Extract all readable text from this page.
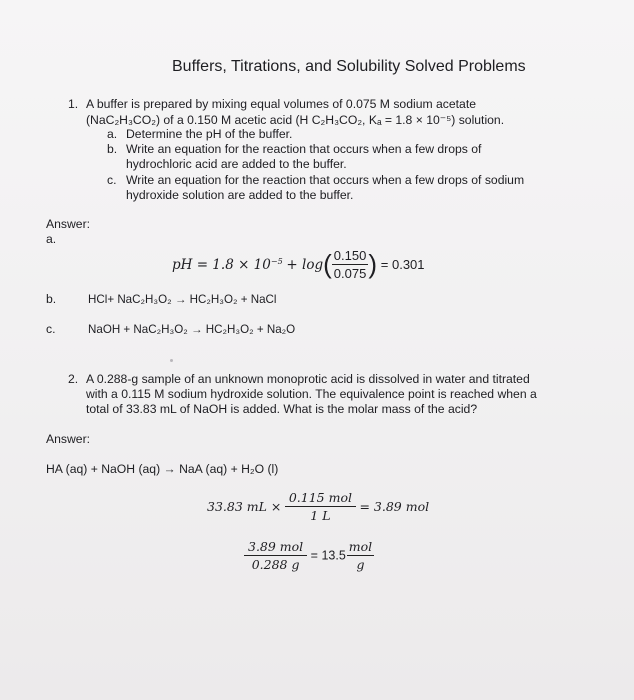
Buffers, Titrations, and Solubility Solved Problems
1. A buffer is prepared by mixing equal volumes of 0.075 M sodium acetate
(NaC₂H₃CO₂) of a 0.150 M acetic acid (H C₂H₃CO₂, Kₐ = 1.8 × 10⁻⁵) solution.
a. Determine the pH of the buffer.
b. Write an equation for the reaction that occurs when a few drops of
hydrochloric acid are added to the buffer.
c. Write an equation for the reaction that occurs when a few drops of sodium
hydroxide solution are added to the buffer.
Answer:
a.
pH = $1.8 \times 10^{-5} + \log( \frac{0.150}{0.075}$ ) = 0.301
b.	HCl+ NaC₂H₃O₂ → HC₂H₃O₂ + NaCl
c.	NaOH + NaC₂H₃O₂ → HC₂H₃O₂ + Na₂O
2. A 0.288-g sample of an unknown monoprotic acid is dissolved in water and titrated
with a 0.115 M sodium hydroxide solution. The equivalence point is reached when a
total of 33.83 mL of NaOH is added. What is the molar mass of the acid?
Answer:
HA (aq) + NaOH (aq) → NaA (aq) + H₂O (l)
33.83 mL × $\frac{\text{0.115 mol}}{1 L} = 3.89$ mol
$\frac{\text{3.89 mol}}{0.288 g} = 13.5 \frac{\text{mol}}{g}$
